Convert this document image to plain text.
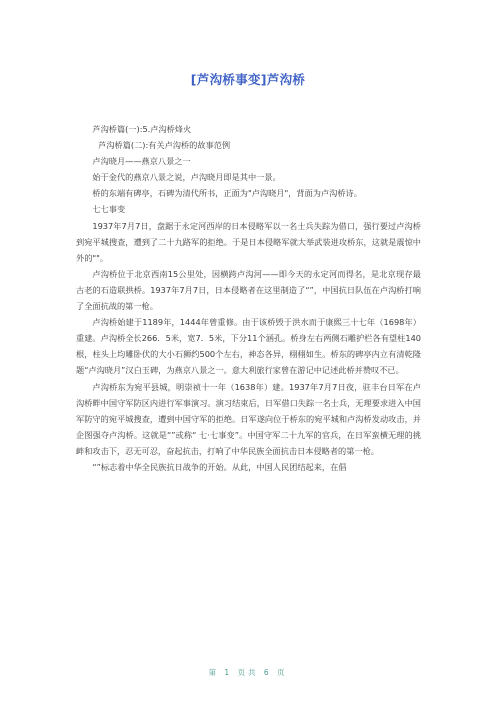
[芦沟桥事变]芦沟桥

芦沟桥篇(一):5.卢沟桥烽火

芦沟桥篇(二):有关卢沟桥的故事范例

卢沟晓月——燕京八景之一

始于金代的燕京八景之说，卢沟晓月即是其中一景。

桥的东端有碑亭，石碑为清代所书，正面为"卢沟晓月"，背面为卢沟桥诗。

七七事变

1937年7月7日，盘踞于永定河西岸的日本侵略军以一名士兵失踪为借口，强行要过卢沟桥到宛平城搜查，遭到了二十九路军的拒绝。于是日本侵略军就大举武装进攻桥东，这就是震惊中外的""。

卢沟桥位于北京西南15公里处，因横跨卢沟河——即今天的永定河而得名，是北京现存最古老的石造联拱桥。1937年7月7日，日本侵略者在这里制造了“”，中国抗日队伍在卢沟桥打响了全面抗战的第一枪。

卢沟桥始建于1189年，1444年曾重修。由于该桥毁于洪水而于康熙三十七年（1698年）重建。卢沟桥全长266．5米，宽7．5米，下分11个涵孔。桥身左右两侧石雕护栏各有望柱140根，柱头上均雕卧伏的大小石狮约500个左右，神态各异，栩栩如生。桥东的碑亭内立有清乾隆题“卢沟晓月”汉白玉碑，为燕京八景之一。意大利旅行家曾在游记中记述此桥并赞叹不已。

卢沟桥东为宛平县城，明崇祯十一年（1638年）建。1937年7月7日夜，驻丰台日军在卢沟桥畔中国守军防区内进行军事演习。演习结束后，日军借口失踪一名士兵，无理要求进入中国军防守的宛平城搜查，遭到中国守军的拒绝。日军遂向位于桥东的宛平城和卢沟桥发动攻击，并企图强夺卢沟桥。这就是“”或称“ 七·七事变”。中国守军二十九军的官兵，在日军蛮横无理的挑衅和攻击下，忍无可忍，奋起抗击，打响了中华民族全面抗击日本侵略者的第一枪。

“”标志着中华全民族抗日战争的开始。从此，中国人民团结起来，在倡

第 1 页共 6 页
